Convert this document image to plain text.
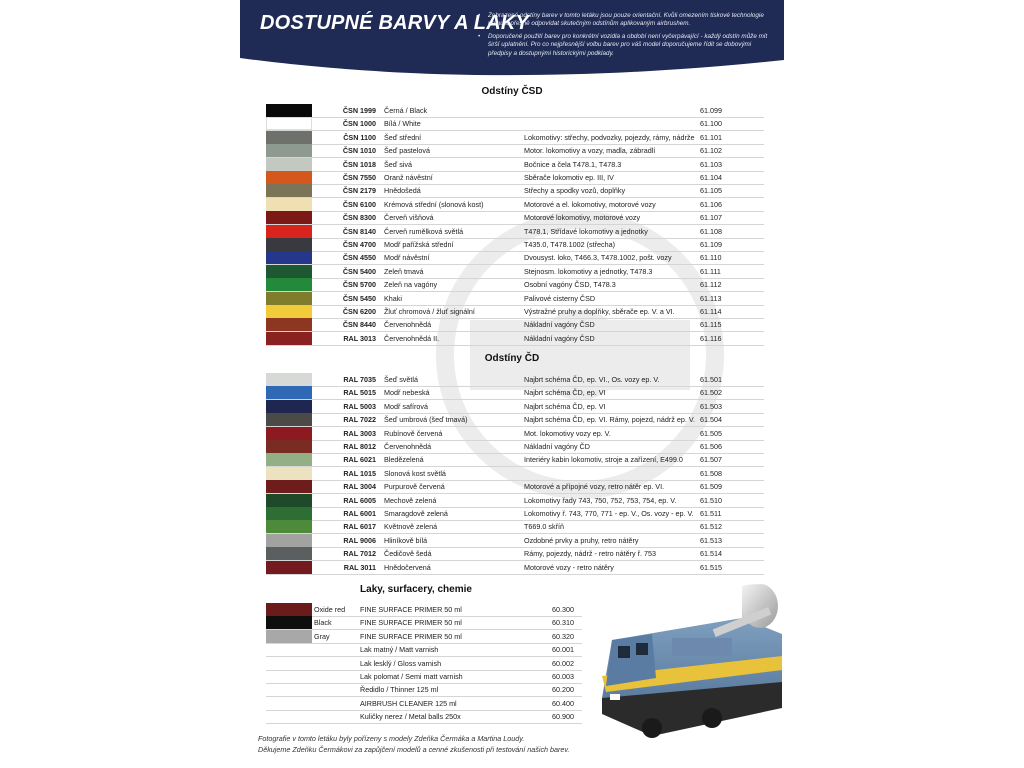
DOSTUPNÉ BARVY A LAKY

• Zobrazené odstíny barev v tomto letáku jsou pouze orientační. Kvůli omezením tiskové technologie nemusí přesně odpovídat skutečným odstínům aplikovaným airbrushem.

• Doporučené použití barev pro konkrétní vozidla a období není vyčerpávající - každý odstín může mít širší uplatnění. Pro co nejpřesnější volbu barev pro váš model doporučujeme řídit se dobovými předpisy a dostupnými historickými podklady.

Odstíny ČSD
ČSN 1999 Černá / Black	61.099
ČSN 1000 Bílá / White	61.100
ČSN 1100 Šeď střední	Lokomotivy: střechy, podvozky, pojezdy, rámy, nádrže 61.101
ČSN 1010 Šeď pastelová	Motor. lokomotivy a vozy, madla, zábradlí	61.102
ČSN 1018 Šeď sivá	Bočnice a čela T478.1, T478.3	61.103
ČSN 7550 Oranž návěstní	Sběrače lokomotiv ep. III, IV	61.104
ČSN 2179 Hnědošedá	Střechy a spodky vozů, doplňky	61.105
ČSN 6100 Krémová střední (slonová kost)	Motorové a el. lokomotivy, motorové vozy	61.106
ČSN 8300 Červeň višňová	Motorové lokomotivy, motorové vozy	61.107
ČSN 8140 Červeň rumělková světlá	T478.1, Střídavé lokomotivy a jednotky	61.108
ČSN 4700 Modř pařížská střední	T435.0, T478.1002 (střecha)	61.109
ČSN 4550 Modř návěstní	Dvousyst. loko, T466.3, T478.1002, pošt. vozy	61.110
ČSN 5400 Zeleň tmavá	Stejnosm. lokomotivy a jednotky, T478.3	61.111
ČSN 5700 Zeleň na vagóny	Osobní vagóny ČSD, T478.3	61.112
ČSN 5450 Khaki	Palivové cisterny ČSD	61.113
ČSN 6200 Žluť chromová / žluť signální	Výstražné pruhy a doplňky, sběrače ep. V. a VI.	61.114
ČSN 8440 Červenohnědá	Nákladní vagóny ČSD	61.115
RAL 3013 Červenohnědá II.	Nákladní vagóny ČSD	61.116
Odstíny ČD
RAL 7035 Šeď světlá	Najbrt schéma ČD, ep. VI., Os. vozy ep. V.	61.501
RAL 5015 Modř nebeská	Najbrt schéma ČD, ep. VI	61.502
RAL 5003 Modř safírová	Najbrt schéma ČD, ep. VI	61.503
RAL 7022 Šeď umbrová (šeď tmavá)	Najbrt schéma ČD, ep. VI. Rámy, pojezd, nádrž ep. V. 61.504
RAL 3003 Rubínově červená	Mot. lokomotivy vozy ep. V.	61.505
RAL 8012 Červenohnědá	Nákladní vagóny ČD	61.506
RAL 6021 Bledězelená	Interiéry kabin lokomotiv, stroje a zařízení, E499.0 61.507
RAL 1015 Slonová kost světlá	61.508
RAL 3004 Purpurově červená	Motorové a přípojné vozy, retro nátěr ep. VI.	61.509
RAL 6005 Mechově zelená	Lokomotivy řady 743, 750, 752, 753, 754, ep. V.	61.510
RAL 6001 Smaragdově zelená	Lokomotivy ř. 743, 770, 771 - ep. V., Os. vozy - ep. V. 61.511
RAL 6017 Květnově zelená	T669.0 skříň	61.512
RAL 9006 Hliníkově bílá	Ozdobné prvky a pruhy, retro nátěry	61.513
RAL 7012 Čedičově šedá	Rámy, pojezdy, nádrž - retro nátěry ř. 753	61.514
RAL 3011 Hnědočervená	Motorové vozy - retro nátěry	61.515
Laky, surfacery, chemie
Oxide red FINE SURFACE PRIMER 50 ml	60.300
Black	FINE SURFACE PRIMER 50 ml	60.310
Gray	FINE SURFACE PRIMER 50 ml	60.320
Lak matný / Matt varnish	60.001
Lak lesklý / Gloss varnish	60.002
Lak polomat / Semi matt varnish	60.003
Ředidlo / Thinner 125 ml	60.200
AIRBRUSH CLEANER 125 ml	60.400
Kuličky nerez / Metal balls 250x	60.900
Fotografie v tomto letáku byly pořízeny s modely Zdeňka Čermáka a Martina Loudy.
Děkujeme Zdeňku Čermákovi za zapůjčení modelů a cenné zkušenosti při testování našich barev.
